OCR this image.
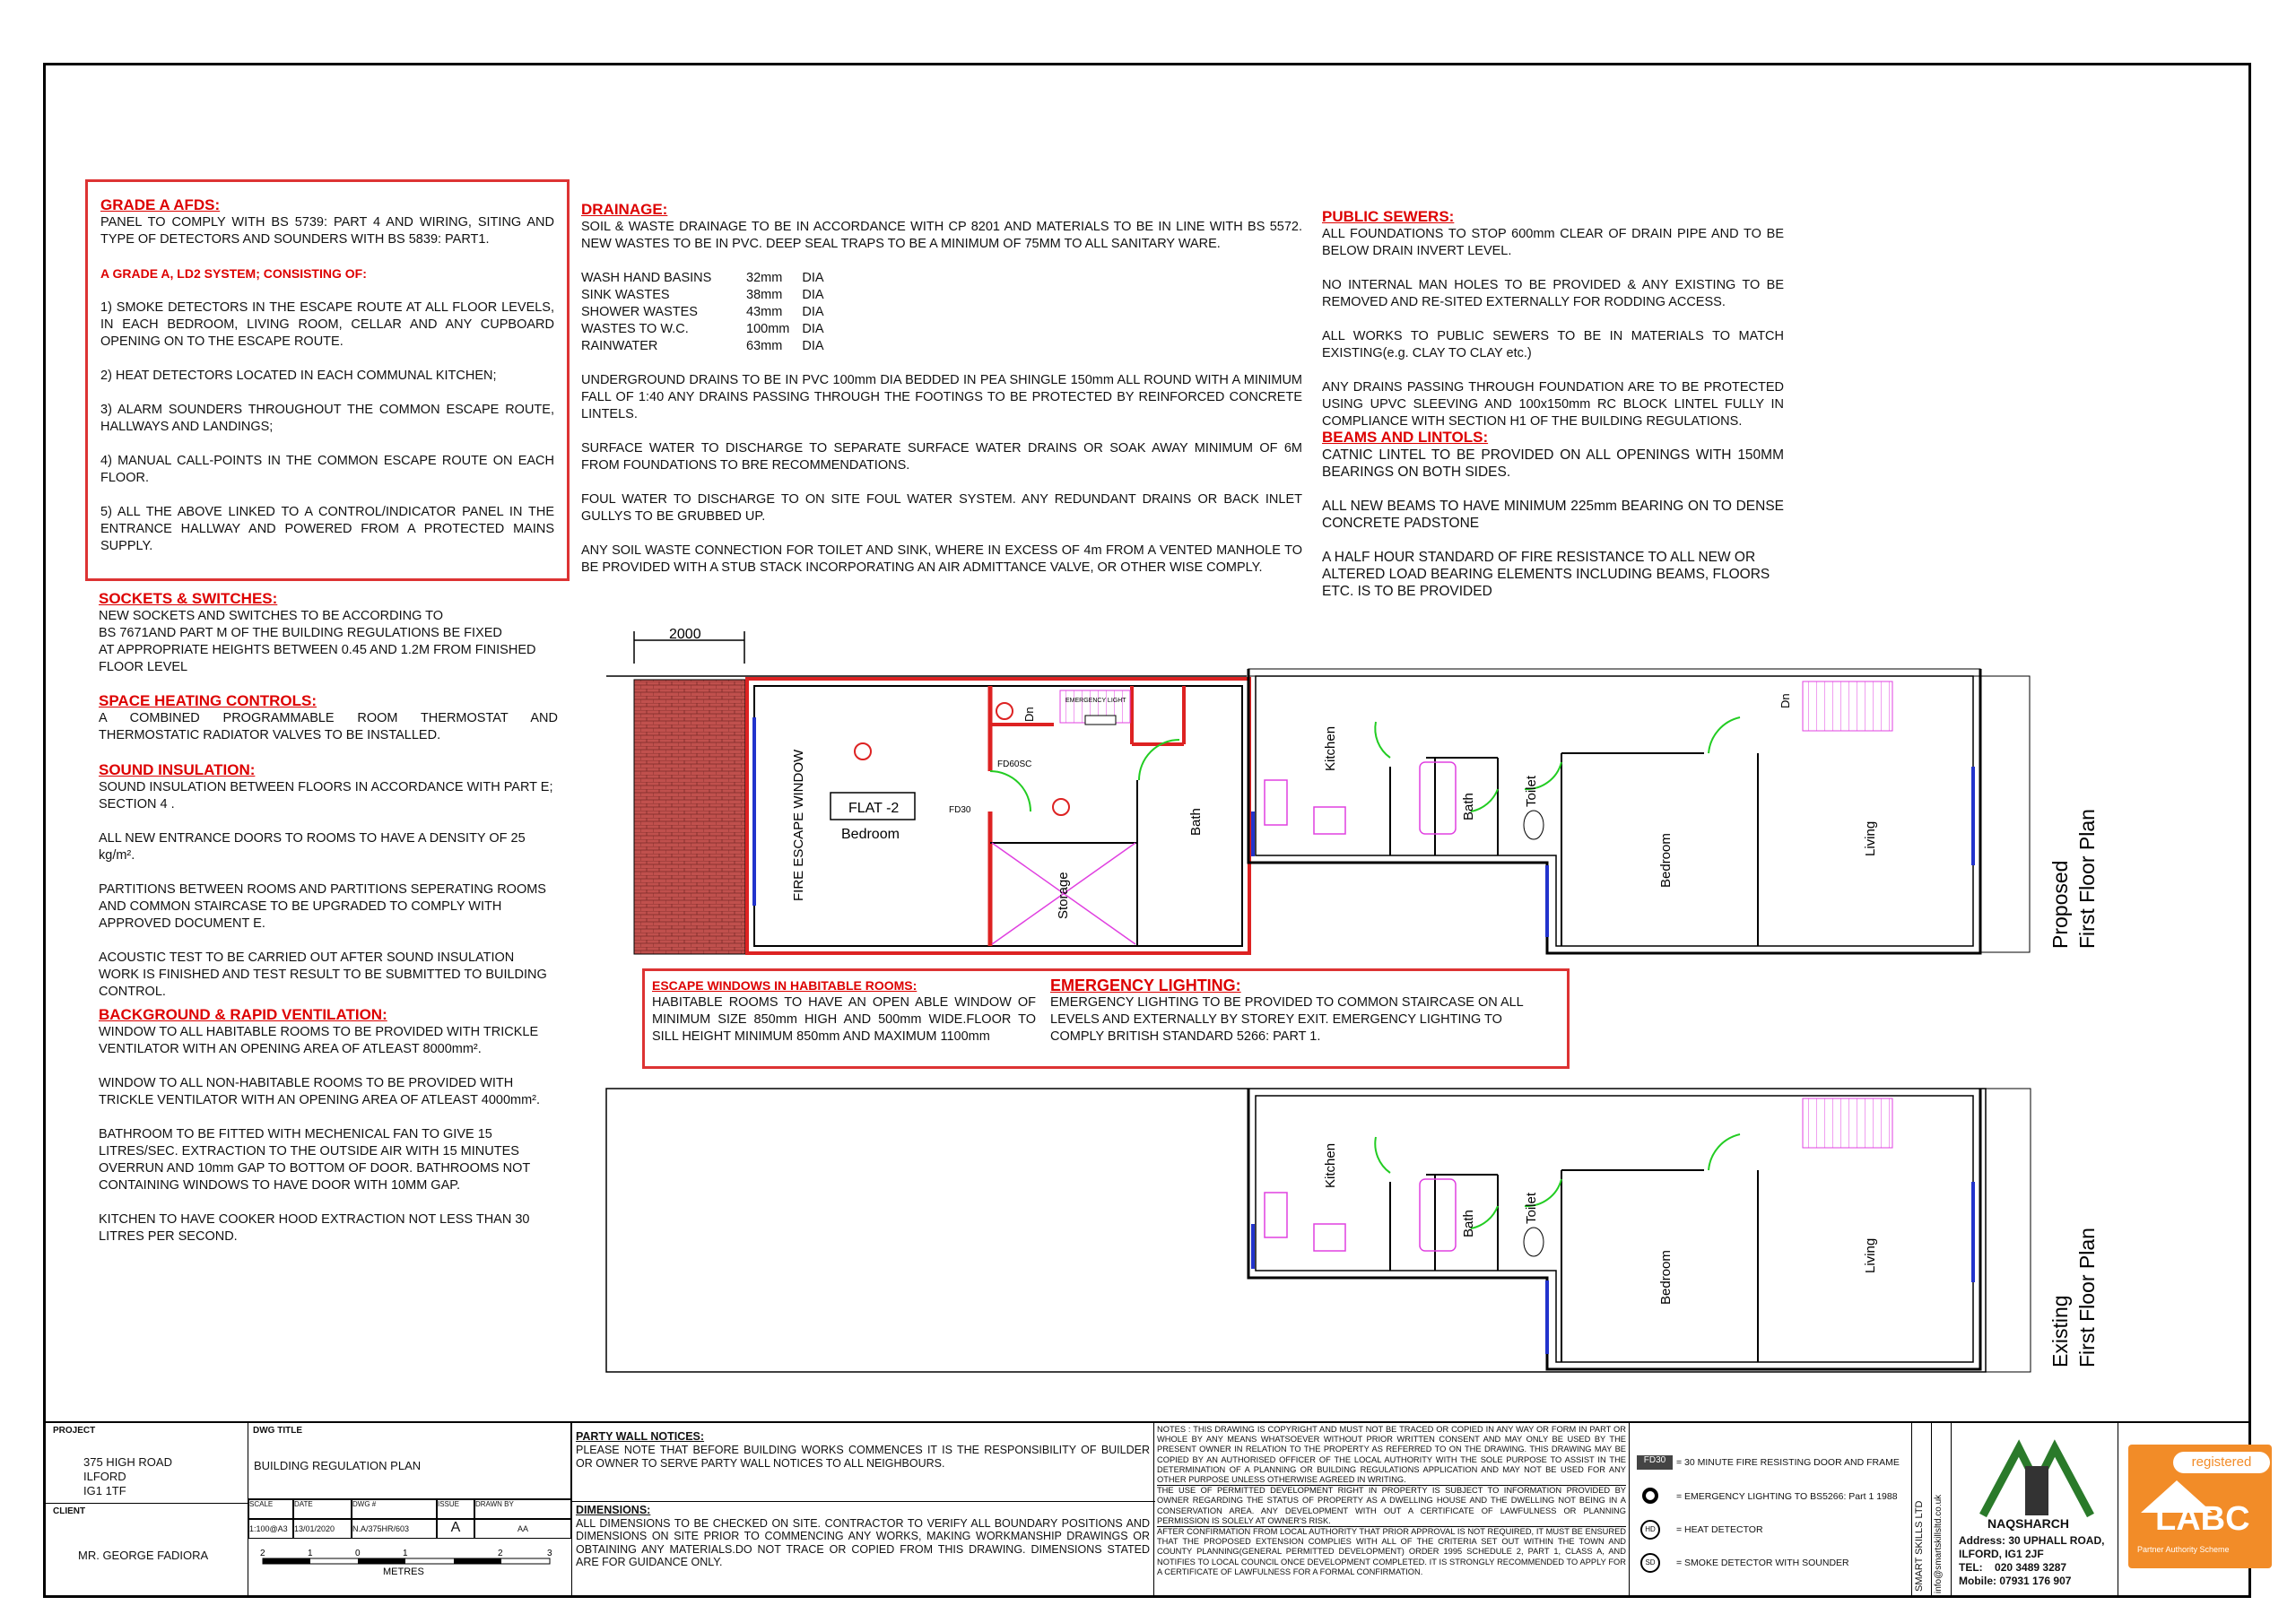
GRADE A AFDS:

PANEL TO COMPLY WITH BS 5739: PART 4 AND WIRING, SITING AND TYPE OF DETECTORS AND SOUNDERS WITH BS 5839: PART1.

A GRADE A, LD2 SYSTEM; CONSISTING OF:

1) SMOKE DETECTORS IN THE ESCAPE ROUTE AT ALL FLOOR LEVELS, IN EACH BEDROOM, LIVING ROOM, CELLAR AND ANY CUPBOARD OPENING ON TO THE ESCAPE ROUTE.

2) HEAT DETECTORS LOCATED IN EACH COMMUNAL KITCHEN;

3) ALARM SOUNDERS THROUGHOUT THE COMMON ESCAPE ROUTE, HALLWAYS AND LANDINGS;

4) MANUAL CALL-POINTS IN THE COMMON ESCAPE ROUTE ON EACH FLOOR.

5) ALL THE ABOVE LINKED TO A CONTROL/INDICATOR PANEL IN THE ENTRANCE HALLWAY AND POWERED FROM A PROTECTED MAINS SUPPLY.

SOCKETS & SWITCHES:

NEW SOCKETS AND SWITCHES TO BE ACCORDING TO
BS 7671AND PART M OF THE BUILDING REGULATIONS BE FIXED
AT APPROPRIATE HEIGHTS BETWEEN 0.45 AND 1.2M FROM FINISHED FLOOR LEVEL

SPACE HEATING CONTROLS:

A COMBINED PROGRAMMABLE ROOM THERMOSTAT AND THERMOSTATIC RADIATOR VALVES TO BE INSTALLED.

SOUND INSULATION:

SOUND INSULATION BETWEEN FLOORS IN ACCORDANCE WITH PART E; SECTION 4 .

ALL NEW ENTRANCE DOORS TO ROOMS TO HAVE A DENSITY OF 25 kg/m².

PARTITIONS BETWEEN ROOMS AND PARTITIONS SEPERATING ROOMS AND COMMON STAIRCASE TO BE UPGRADED TO COMPLY WITH APPROVED DOCUMENT E.

ACOUSTIC TEST TO BE CARRIED OUT AFTER SOUND INSULATION WORK IS FINISHED AND TEST RESULT TO BE SUBMITTED TO BUILDING CONTROL.

BACKGROUND & RAPID VENTILATION:

WINDOW TO ALL HABITABLE ROOMS TO BE PROVIDED WITH TRICKLE VENTILATOR WITH AN OPENING AREA OF ATLEAST 8000mm².

WINDOW TO ALL NON-HABITABLE ROOMS TO BE PROVIDED WITH TRICKLE VENTILATOR WITH AN OPENING AREA OF ATLEAST 4000mm².

BATHROOM TO BE FITTED WITH MECHENICAL FAN TO GIVE 15 LITRES/SEC. EXTRACTION TO THE OUTSIDE AIR WITH 15 MINUTES OVERRUN AND 10mm GAP TO BOTTOM OF DOOR. BATHROOMS NOT CONTAINING WINDOWS TO HAVE DOOR WITH 10MM GAP.

KITCHEN TO HAVE COOKER HOOD EXTRACTION NOT LESS THAN 30 LITRES PER SECOND.

DRAINAGE:

SOIL & WASTE DRAINAGE TO BE IN ACCORDANCE WITH CP 8201 AND MATERIALS TO BE IN LINE WITH BS 5572. NEW WASTES TO BE IN PVC. DEEP SEAL TRAPS TO BE A MINIMUM OF 75MM TO ALL SANITARY WARE.

WASH HAND BASINS	32mm	DIA
SINK WASTES	38mm	DIA
SHOWER WASTES	43mm	DIA
WASTES TO W.C.	100mm	DIA
RAINWATER	63mm	DIA

UNDERGROUND DRAINS TO BE IN PVC 100mm DIA BEDDED IN PEA SHINGLE 150mm ALL ROUND WITH A MINIMUM FALL OF 1:40 ANY DRAINS PASSING THROUGH THE FOOTINGS TO BE PROTECTED BY REINFORCED CONCRETE LINTELS.

SURFACE WATER TO DISCHARGE TO SEPARATE SURFACE WATER DRAINS OR SOAK AWAY MINIMUM OF 6M FROM FOUNDATIONS TO BRE RECOMMENDATIONS.

FOUL WATER TO DISCHARGE TO ON SITE FOUL WATER SYSTEM. ANY REDUNDANT DRAINS OR BACK INLET GULLYS TO BE GRUBBED UP.

ANY SOIL WASTE CONNECTION FOR TOILET AND SINK, WHERE IN EXCESS OF 4m FROM A VENTED MANHOLE TO BE PROVIDED WITH A STUB STACK INCORPORATING AN AIR ADMITTANCE VALVE, OR OTHER WISE COMPLY.

PUBLIC SEWERS:

ALL FOUNDATIONS TO STOP 600mm CLEAR OF DRAIN PIPE AND TO BE BELOW DRAIN INVERT LEVEL.

NO INTERNAL MAN HOLES TO BE PROVIDED & ANY EXISTING TO BE REMOVED AND RE-SITED EXTERNALLY FOR RODDING ACCESS.

ALL WORKS TO PUBLIC SEWERS TO BE IN MATERIALS TO MATCH EXISTING(e.g. CLAY TO CLAY etc.)

ANY DRAINS PASSING THROUGH FOUNDATION ARE TO BE PROTECTED USING UPVC SLEEVING AND 100x150mm RC BLOCK LINTEL FULLY IN COMPLIANCE WITH SECTION H1 OF THE BUILDING REGULATIONS.

BEAMS AND LINTOLS:

CATNIC LINTEL TO BE PROVIDED ON ALL OPENINGS WITH 150MM BEARINGS ON BOTH SIDES.

ALL NEW BEAMS TO HAVE MINIMUM 225mm BEARING ON TO DENSE CONCRETE PADSTONE

A HALF HOUR STANDARD OF FIRE RESISTANCE TO ALL NEW OR ALTERED LOAD BEARING ELEMENTS INCLUDING BEAMS, FLOORS ETC. IS TO BE PROVIDED

ESCAPE WINDOWS IN HABITABLE ROOMS:

HABITABLE ROOMS TO HAVE AN OPEN ABLE WINDOW OF MINIMUM SIZE 850mm HIGH AND 500mm WIDE.FLOOR TO SILL HEIGHT MINIMUM 850mm AND MAXIMUM 1100mm

EMERGENCY LIGHTING:

EMERGENCY LIGHTING TO BE PROVIDED TO COMMON STAIRCASE ON ALL LEVELS AND EXTERNALLY BY STOREY EXIT. EMERGENCY LIGHTING TO COMPLY BRITISH STANDARD 5266: PART 1.
2000
EMERGENCY LIGHT
FLAT -2
Bedroom
FIRE ESCAPE WINDOW	Storage
Bath
Dn
FD30
FD60SC	Kitchen
Bath	Toilet
Bedroom	Living
Dn
Proposed First Floor Plan
Kitchen
Bath	Toilet
Bedroom	Living
Existing First Floor Plan
PROJECT
375 HIGH ROAD
ILFORD
IG1 1TF
CLIENT
MR. GEORGE FADIORA
DWG TITLE
BUILDING REGULATION PLAN
SCALE	DATE	DWG #	ISSUE	DRAWN BY
1:100@A3 13/01/2020	N.A/375HR/603	A	AA
2	1	0	1	2	3
METRES
PARTY WALL NOTICES:
PLEASE NOTE THAT BEFORE BUILDING WORKS COMMENCES IT IS THE RESPONSIBILITY OF BUILDER OR OWNER TO SERVE PARTY WALL NOTICES TO ALL NEIGHBOURS.
DIMENSIONS:
ALL DIMENSIONS TO BE CHECKED ON SITE. CONTRACTOR TO VERIFY ALL BOUNDARY POSITIONS AND DIMENSIONS ON SITE PRIOR TO COMMENCING ANY WORKS, MAKING WORKMANSHIP DRAWINGS OR OBTAINING ANY MATERIALS.DO NOT TRACE OR COPIED FROM THIS DRAWING. DIMENSIONS STATED ARE FOR GUIDANCE ONLY.
NOTES : THIS DRAWING IS COPYRIGHT AND MUST NOT BE TRACED OR COPIED IN ANY WAY OR FORM IN PART OR WHOLE BY ANY MEANS WHATSOEVER WITHOUT PRIOR WRITTEN CONSENT AND MAY ONLY BE USED BY THE PRESENT OWNER IN RELATION TO THE PROPERTY AS REFERRED TO ON THE DRAWING. THIS DRAWING MAY BE COPIED BY AN AUTHORISED OFFICER OF THE LOCAL AUTHORITY WITH THE SOLE PURPOSE TO ASSIST IN THE DETERMINATION OF A PLANNING OR BUILDING REGULATIONS APPLICATION AND MAY NOT BE USED FOR ANY OTHER PURPOSE UNLESS OTHERWISE AGREED IN WRITING.
THE USE OF PERMITTED DEVELOPMENT RIGHT IN PROPERTY IS SUBJECT TO INFORMATION PROVIDED BY OWNER REGARDING THE STATUS OF PROPERTY AS A DWELLING HOUSE AND THE DWELLING NOT BEING IN A CONSERVATION AREA. ANY DEVELOPMENT WITH OUT A CERTIFICATE OF LAWFULNESS OR PLANNING PERMISSION IS SOLELY AT OWNER'S RISK.
AFTER CONFIRMATION FROM LOCAL AUTHORITY THAT PRIOR APPROVAL IS NOT REQUIRED, IT MUST BE ENSURED THAT THE PROPOSED EXTENSION COMPLIES WITH ALL OF THE CRITERIA SET OUT WITHIN THE TOWN AND COUNTY PLANNING(GENERAL PERMITTED DEVELOPMENT) ORDER 1995 SCHEDULE 2, PART 1, CLASS A, AND NOTIFIES TO LOCAL COUNCIL ONCE DEVELOPMENT COMPLETED. IT IS STRONGLY RECOMMENDED TO APPLY FOR A CERTIFICATE OF LAWFULNESS FOR A FORMAL CONFIRMATION.
FD30	= 30 MINUTE FIRE RESISTING DOOR AND FRAME
= EMERGENCY LIGHTING TO BS5266: Part 1 1988
HD	= HEAT DETECTOR
SD	= SMOKE DETECTOR WITH SOUNDER	SMART SKILLS LTD info@smartskillsltd.co.uk	NAQSHARCH
Address: 30 UPHALL ROAD,
ILFORD, IG1 2JF
TEL: 020 3489 3287
Mobile: 07931 176 907
registered
LABC
Partner Authority Scheme
